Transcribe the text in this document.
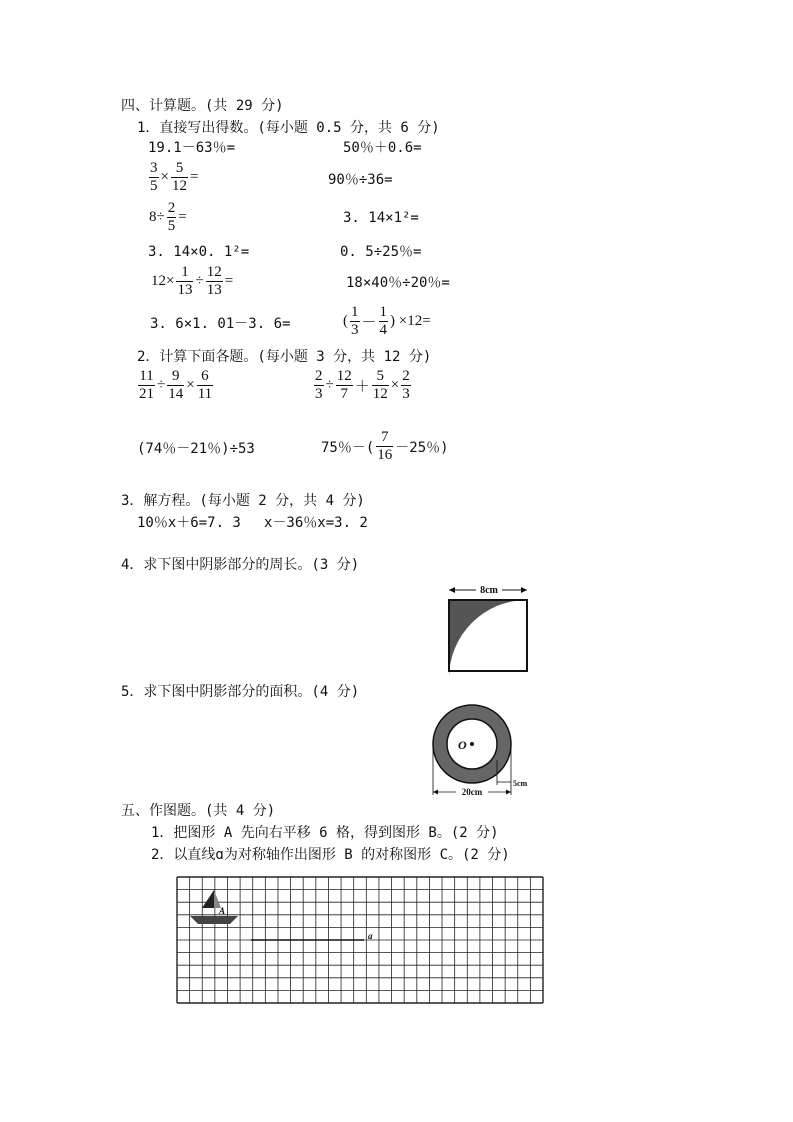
四、计算题。(共 29 分)
1．直接写出得数。(每小题 0.5 分，共 6 分)
19.1－63％=	50％＋0.6=
$\frac{3}{5} \times \frac{5}{12}$ =	90％÷36=
$8\div \frac{2}{5}$ =	3. 14×1²=
3. 14×0. 1²=	0. 5÷25％=
$12\times \frac{1}{13} \div \frac{12}{13}$ =	18×40％÷20％=
3. 6×1. 01－3. 6=	( $\frac{1}{3} - \frac{1}{4}$ ) ×12=
2．计算下面各题。(每小题 3 分，共 12 分)
$\frac{11}{21} \div \frac{9}{14} \times \frac{6}{11}$	$\frac{2}{3} \div \frac{12}{7} + \frac{5}{12} \times \frac{2}{3}$
(74％－21％)÷53	75％－( $\frac{7}{16} -25$％)
3．解方程。(每小题 2 分，共 4 分)
10％x＋6=7. 3 x－36％x=3. 2
4．求下图中阴影部分的周长。(3 分)
8cm
5．求下图中阴影部分的面积。(4 分)
O
20cm
5cm
五、作图题。(共 4 分)
1．把图形 A 先向右平移 6 格，得到图形 B。(2 分)
2．以直线ɑ为对称轴作出图形 B 的对称图形 C。(2 分)
A
a
